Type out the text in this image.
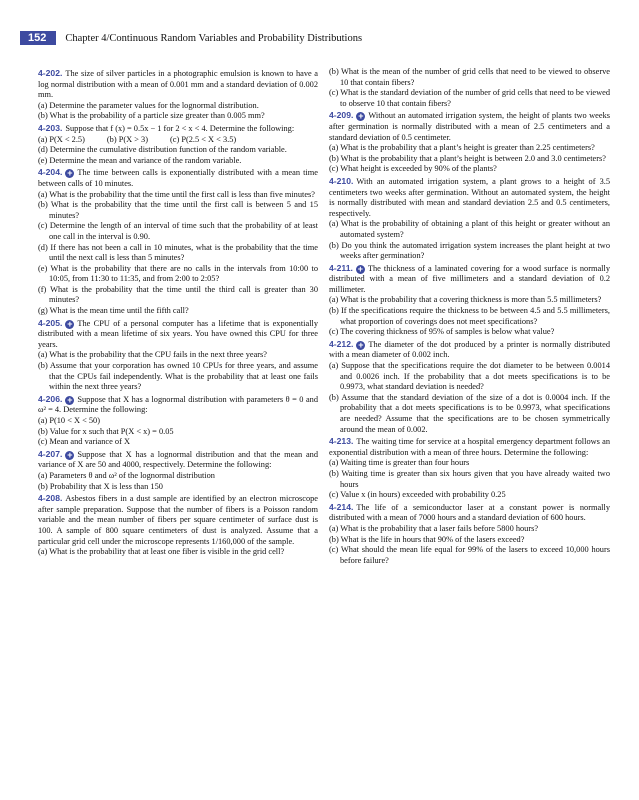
152	Chapter 4/Continuous Random Variables and Probability Distributions
4-202. The size of silver particles in a photographic emulsion is known to have a log normal distribution with a mean of 0.001 mm and a standard deviation of 0.002 mm.
(a) Determine the parameter values for the lognormal distribution.
(b) What is the probability of a particle size greater than 0.005 mm?
4-203. Suppose that f (x) = 0.5x − 1 for 2 < x < 4. Determine the following:
(a) P(X < 2.5)	(b) P(X > 3)	(c) P(2.5 < X < 3.5)
(d) Determine the cumulative distribution function of the random variable.
(e) Determine the mean and variance of the random variable.
4-204. + The time between calls is exponentially distributed with a mean time between calls of 10 minutes.
(a) What is the probability that the time until the first call is less than five minutes?
(b) What is the probability that the time until the first call is between 5 and 15 minutes?
(c) Determine the length of an interval of time such that the probability of at least one call in the interval is 0.90.
(d) If there has not been a call in 10 minutes, what is the probability that the time until the next call is less than 5 minutes?
(e) What is the probability that there are no calls in the intervals from 10:00 to 10:05, from 11:30 to 11:35, and from 2:00 to 2:05?
(f) What is the probability that the time until the third call is greater than 30 minutes?
(g) What is the mean time until the fifth call?
4-205. + The CPU of a personal computer has a lifetime that is exponentially distributed with a mean lifetime of six years. You have owned this CPU for three years.
(a) What is the probability that the CPU fails in the next three years?
(b) Assume that your corporation has owned 10 CPUs for three years, and assume that the CPUs fail independently. What is the probability that at least one fails within the next three years?
4-206. + Suppose that X has a lognormal distribution with parameters θ = 0 and ω² = 4. Determine the following:
(a) P(10 < X < 50)
(b) Value for x such that P(X < x) = 0.05
(c) Mean and variance of X
4-207. + Suppose that X has a lognormal distribution and that the mean and variance of X are 50 and 4000, respectively. Determine the following:
(a) Parameters θ and ω² of the lognormal distribution
(b) Probability that X is less than 150
4-208. Asbestos fibers in a dust sample are identified by an electron microscope after sample preparation. Suppose that the number of fibers is a Poisson random variable and the mean number of fibers per square centimeter of surface dust is 100. A sample of 800 square centimeters of dust is analyzed. Assume that a particular grid cell under the microscope represents 1/160,000 of the sample.
(a) What is the probability that at least one fiber is visible in the grid cell?
(b) What is the mean of the number of grid cells that need to be viewed to observe 10 that contain fibers?
(c) What is the standard deviation of the number of grid cells that need to be viewed to observe 10 that contain fibers?
4-209. + Without an automated irrigation system, the height of plants two weeks after germination is normally distributed with a mean of 2.5 centimeters and a standard deviation of 0.5 centimeter.
(a) What is the probability that a plant’s height is greater than 2.25 centimeters?
(b) What is the probability that a plant’s height is between 2.0 and 3.0 centimeters?
(c) What height is exceeded by 90% of the plants?
4-210. With an automated irrigation system, a plant grows to a height of 3.5 centimeters two weeks after germination. Without an automated system, the height is normally distributed with mean and standard deviation 2.5 and 0.5 centimeters, respectively.
(a) What is the probability of obtaining a plant of this height or greater without an automated system?
(b) Do you think the automated irrigation system increases the plant height at two weeks after germination?
4-211. + The thickness of a laminated covering for a wood surface is normally distributed with a mean of five millimeters and a standard deviation of 0.2 millimeter.
(a) What is the probability that a covering thickness is more than 5.5 millimeters?
(b) If the specifications require the thickness to be between 4.5 and 5.5 millimeters, what proportion of coverings does not meet specifications?
(c) The covering thickness of 95% of samples is below what value?
4-212. + The diameter of the dot produced by a printer is normally distributed with a mean diameter of 0.002 inch.
(a) Suppose that the specifications require the dot diameter to be between 0.0014 and 0.0026 inch. If the probability that a dot meets specifications is to be 0.9973, what standard deviation is needed?
(b) Assume that the standard deviation of the size of a dot is 0.0004 inch. If the probability that a dot meets specifications is to be 0.9973, what specifications are needed? Assume that the specifications are to be chosen symmetrically around the mean of 0.002.
4-213. The waiting time for service at a hospital emergency department follows an exponential distribution with a mean of three hours. Determine the following:
(a) Waiting time is greater than four hours
(b) Waiting time is greater than six hours given that you have already waited two hours
(c) Value x (in hours) exceeded with probability 0.25
4-214. The life of a semiconductor laser at a constant power is normally distributed with a mean of 7000 hours and a standard deviation of 600 hours.
(a) What is the probability that a laser fails before 5800 hours?
(b) What is the life in hours that 90% of the lasers exceed?
(c) What should the mean life equal for 99% of the lasers to exceed 10,000 hours before failure?
